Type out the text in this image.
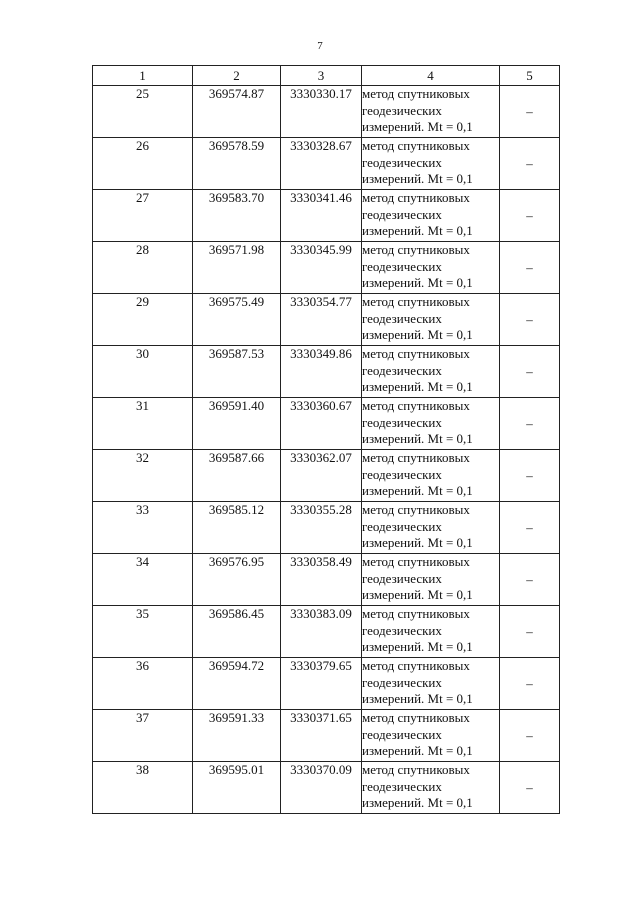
7
1	2	3	4	5
25	369574.87	3330330.17	метод спутниковых
геодезических
измерений. Mt = 0,1	–
26	369578.59	3330328.67	метод спутниковых
геодезических
измерений. Mt = 0,1	–
27	369583.70	3330341.46	метод спутниковых
геодезических
измерений. Mt = 0,1	–
28	369571.98	3330345.99	метод спутниковых
геодезических
измерений. Mt = 0,1	–
29	369575.49	3330354.77	метод спутниковых
геодезических
измерений. Mt = 0,1	–
30	369587.53	3330349.86	метод спутниковых
геодезических
измерений. Mt = 0,1	–
31	369591.40	3330360.67	метод спутниковых
геодезических
измерений. Mt = 0,1	–
32	369587.66	3330362.07	метод спутниковых
геодезических
измерений. Mt = 0,1	–
33	369585.12	3330355.28	метод спутниковых
геодезических
измерений. Mt = 0,1	–
34	369576.95	3330358.49	метод спутниковых
геодезических
измерений. Mt = 0,1	–
35	369586.45	3330383.09	метод спутниковых
геодезических
измерений. Mt = 0,1	–
36	369594.72	3330379.65	метод спутниковых
геодезических
измерений. Mt = 0,1	–
37	369591.33	3330371.65	метод спутниковых
геодезических
измерений. Mt = 0,1	–
38	369595.01	3330370.09	метод спутниковых
геодезических
измерений. Mt = 0,1	–
